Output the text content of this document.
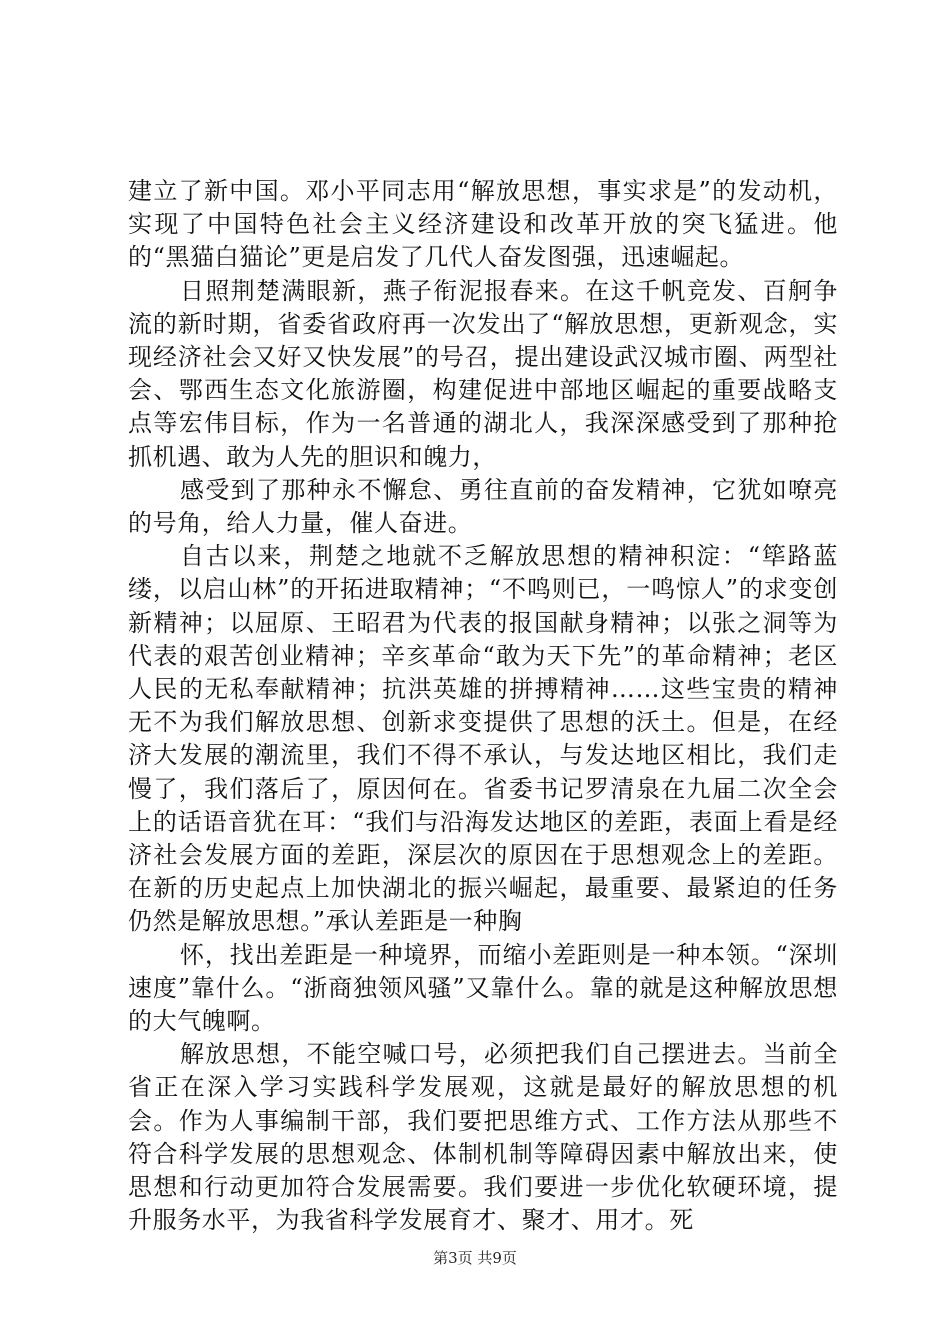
建立了新中国。邓小平同志用“解放思想，事实求是”的发动机，实现了中国特色社会主义经济建设和改革开放的突飞猛进。他的“黑猫白猫论”更是启发了几代人奋发图强，迅速崛起。

日照荆楚满眼新，燕子衔泥报春来。在这千帆竞发、百舸争流的新时期，省委省政府再一次发出了“解放思想，更新观念，实现经济社会又好又快发展”的号召，提出建设武汉城市圈、两型社会、鄂西生态文化旅游圈，构建促进中部地区崛起的重要战略支点等宏伟目标，作为一名普通的湖北人，我深深感受到了那种抢抓机遇、敢为人先的胆识和魄力，

感受到了那种永不懈怠、勇往直前的奋发精神，它犹如嘹亮的号角，给人力量，催人奋进。

自古以来，荆楚之地就不乏解放思想的精神积淀：“筚路蓝缕，以启山林”的开拓进取精神；“不鸣则已，一鸣惊人”的求变创新精神；以屈原、王昭君为代表的报国献身精神；以张之洞等为代表的艰苦创业精神；辛亥革命“敢为天下先”的革命精神；老区人民的无私奉献精神；抗洪英雄的拼搏精神……这些宝贵的精神无不为我们解放思想、创新求变提供了思想的沃土。但是，在经济大发展的潮流里，我们不得不承认，与发达地区相比，我们走慢了，我们落后了，原因何在。省委书记罗清泉在九届二次全会上的话语音犹在耳：“我们与沿海发达地区的差距，表面上看是经济社会发展方面的差距，深层次的原因在于思想观念上的差距。在新的历史起点上加快湖北的振兴崛起，最重要、最紧迫的任务仍然是解放思想。”承认差距是一种胸

怀，找出差距是一种境界，而缩小差距则是一种本领。“深圳速度”靠什么。“浙商独领风骚”又靠什么。靠的就是这种解放思想的大气魄啊。

解放思想，不能空喊口号，必须把我们自己摆进去。当前全省正在深入学习实践科学发展观，这就是最好的解放思想的机会。作为人事编制干部，我们要把思维方式、工作方法从那些不符合科学发展的思想观念、体制机制等障碍因素中解放出来，使思想和行动更加符合发展需要。我们要进一步优化软硬环境，提升服务水平，为我省科学发展育才、聚才、用才。死

第3页 共9页
